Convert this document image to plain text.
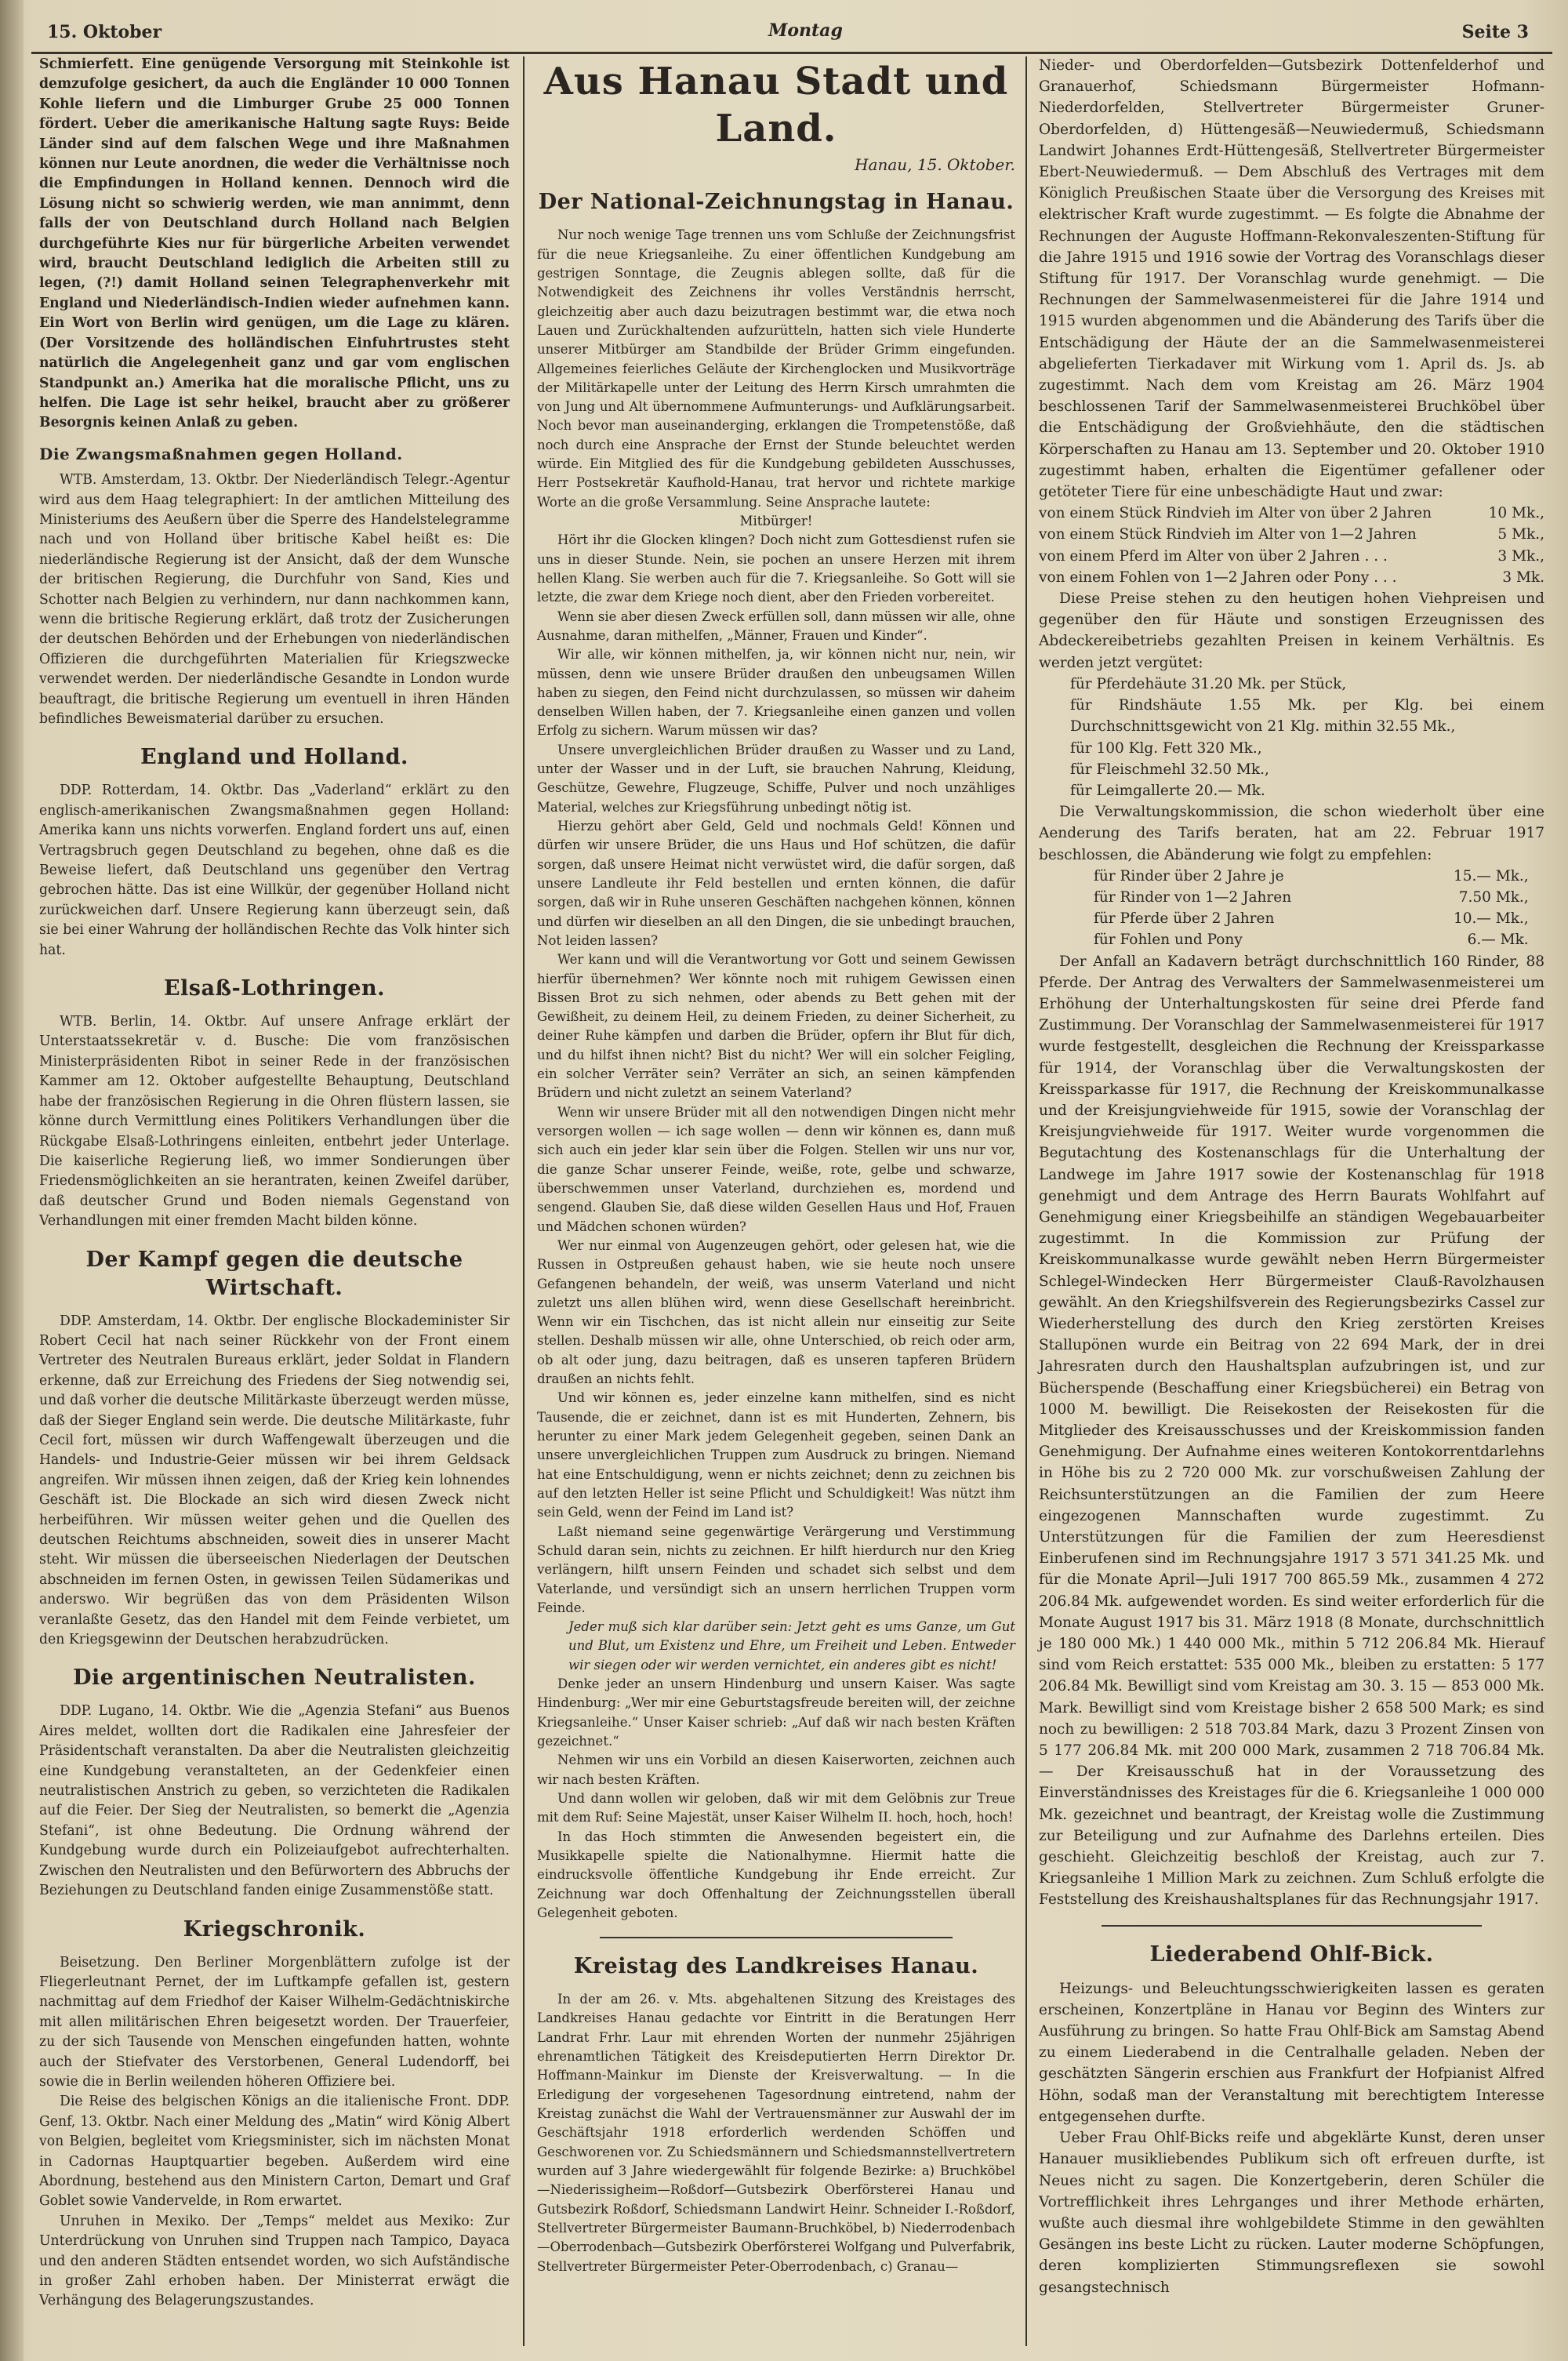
15. Oktober	Montag	Seite 3

Schmierfett. Eine genügende Versorgung mit Steinkohle ist demzufolge gesichert, da auch die Engländer 10 000 Tonnen Kohle liefern und die Limburger Grube 25 000 Tonnen fördert. Ueber die amerikanische Haltung sagte Ruys: Beide Länder sind auf dem falschen Wege und ihre Maßnahmen können nur Leute anordnen, die weder die Verhältnisse noch die Empfindungen in Holland kennen. Dennoch wird die Lösung nicht so schwierig werden, wie man annimmt, denn falls der von Deutschland durch Holland nach Belgien durchgeführte Kies nur für bürgerliche Arbeiten verwendet wird, braucht Deutschland lediglich die Arbeiten still zu legen, (?!) damit Holland seinen Telegraphenverkehr mit England und Niederländisch-Indien wieder aufnehmen kann. Ein Wort von Berlin wird genügen, um die Lage zu klären. (Der Vorsitzende des holländischen Einfuhrtrustes steht natürlich die Angelegenheit ganz und gar vom englischen Standpunkt an.) Amerika hat die moralische Pflicht, uns zu helfen. Die Lage ist sehr heikel, braucht aber zu größerer Besorgnis keinen Anlaß zu geben.

Die Zwangsmaßnahmen gegen Holland.

WTB. Amsterdam, 13. Oktbr. Der Niederländisch Telegr.-Agentur wird aus dem Haag telegraphiert: In der amtlichen Mitteilung des Ministeriums des Aeußern über die Sperre des Handelstelegramme nach und von Holland über britische Kabel heißt es: Die niederländische Regierung ist der Ansicht, daß der dem Wunsche der britischen Regierung, die Durchfuhr von Sand, Kies und Schotter nach Belgien zu verhindern, nur dann nachkommen kann, wenn die britische Regierung erklärt, daß trotz der Zusicherungen der deutschen Behörden und der Erhebungen von niederländischen Offizieren die durchgeführten Materialien für Kriegszwecke verwendet werden. Der niederländische Gesandte in London wurde beauftragt, die britische Regierung um eventuell in ihren Händen befindliches Beweismaterial darüber zu ersuchen.

England und Holland.

DDP. Rotterdam, 14. Oktbr. Das „Vaderland“ erklärt zu den englisch-amerikanischen Zwangsmaßnahmen gegen Holland: Amerika kann uns nichts vorwerfen. England fordert uns auf, einen Vertragsbruch gegen Deutschland zu begehen, ohne daß es die Beweise liefert, daß Deutschland uns gegenüber den Vertrag gebrochen hätte. Das ist eine Willkür, der gegenüber Holland nicht zurückweichen darf. Unsere Regierung kann überzeugt sein, daß sie bei einer Wahrung der holländischen Rechte das Volk hinter sich hat.

Elsaß-Lothringen.

WTB. Berlin, 14. Oktbr. Auf unsere Anfrage erklärt der Unterstaatssekretär v. d. Busche: Die vom französischen Ministerpräsidenten Ribot in seiner Rede in der französischen Kammer am 12. Oktober aufgestellte Behauptung, Deutschland habe der französischen Regierung in die Ohren flüstern lassen, sie könne durch Vermittlung eines Politikers Verhandlungen über die Rückgabe Elsaß-Lothringens einleiten, entbehrt jeder Unterlage. Die kaiserliche Regierung ließ, wo immer Sondierungen über Friedensmöglichkeiten an sie herantraten, keinen Zweifel darüber, daß deutscher Grund und Boden niemals Gegenstand von Verhandlungen mit einer fremden Macht bilden könne.

Der Kampf gegen die deutsche Wirtschaft.

DDP. Amsterdam, 14. Oktbr. Der englische Blockademinister Sir Robert Cecil hat nach seiner Rückkehr von der Front einem Vertreter des Neutralen Bureaus erklärt, jeder Soldat in Flandern erkenne, daß zur Erreichung des Friedens der Sieg notwendig sei, und daß vorher die deutsche Militärkaste überzeugt werden müsse, daß der Sieger England sein werde. Die deutsche Militärkaste, fuhr Cecil fort, müssen wir durch Waffengewalt überzeugen und die Handels- und Industrie-Geier müssen wir bei ihrem Geldsack angreifen. Wir müssen ihnen zeigen, daß der Krieg kein lohnendes Geschäft ist. Die Blockade an sich wird diesen Zweck nicht herbeiführen. Wir müssen weiter gehen und die Quellen des deutschen Reichtums abschneiden, soweit dies in unserer Macht steht. Wir müssen die überseeischen Niederlagen der Deutschen abschneiden im fernen Osten, in gewissen Teilen Südamerikas und anderswo. Wir begrüßen das von dem Präsidenten Wilson veranlaßte Gesetz, das den Handel mit dem Feinde verbietet, um den Kriegsgewinn der Deutschen herabzudrücken.

Die argentinischen Neutralisten.

DDP. Lugano, 14. Oktbr. Wie die „Agenzia Stefani“ aus Buenos Aires meldet, wollten dort die Radikalen eine Jahresfeier der Präsidentschaft veranstalten. Da aber die Neutralisten gleichzeitig eine Kundgebung veranstalteten, an der Gedenkfeier einen neutralistischen Anstrich zu geben, so verzichteten die Radikalen auf die Feier. Der Sieg der Neutralisten, so bemerkt die „Agenzia Stefani“, ist ohne Bedeutung. Die Ordnung während der Kundgebung wurde durch ein Polizeiaufgebot aufrechterhalten. Zwischen den Neutralisten und den Befürwortern des Abbruchs der Beziehungen zu Deutschland fanden einige Zusammenstöße statt.

Kriegschronik.

Beisetzung. Den Berliner Morgenblättern zufolge ist der Fliegerleutnant Pernet, der im Luftkampfe gefallen ist, gestern nachmittag auf dem Friedhof der Kaiser Wilhelm-Gedächtniskirche mit allen militärischen Ehren beigesetzt worden. Der Trauerfeier, zu der sich Tausende von Menschen eingefunden hatten, wohnte auch der Stiefvater des Verstorbenen, General Ludendorff, bei sowie die in Berlin weilenden höheren Offiziere bei.

Die Reise des belgischen Königs an die italienische Front. DDP. Genf, 13. Oktbr. Nach einer Meldung des „Matin“ wird König Albert von Belgien, begleitet vom Kriegsminister, sich im nächsten Monat in Cadornas Hauptquartier begeben. Außerdem wird eine Abordnung, bestehend aus den Ministern Carton, Demart und Graf Goblet sowie Vandervelde, in Rom erwartet.

Unruhen in Mexiko. Der „Temps“ meldet aus Mexiko: Zur Unterdrückung von Unruhen sind Truppen nach Tampico, Dayaca und den anderen Städten entsendet worden, wo sich Aufständische in großer Zahl erhoben haben. Der Ministerrat erwägt die Verhängung des Belagerungszustandes.

Aus Hanau Stadt und Land.
Hanau, 15. Oktober.
Der National-Zeichnungstag in Hanau.

Nur noch wenige Tage trennen uns vom Schluße der Zeichnungsfrist für die neue Kriegsanleihe. Zu einer öffentlichen Kundgebung am gestrigen Sonntage, die Zeugnis ablegen sollte, daß für die Notwendigkeit des Zeichnens ihr volles Verständnis herrscht, gleichzeitig aber auch dazu beizutragen bestimmt war, die etwa noch Lauen und Zurückhaltenden aufzurütteln, hatten sich viele Hunderte unserer Mitbürger am Standbilde der Brüder Grimm eingefunden. Allgemeines feierliches Geläute der Kirchenglocken und Musikvorträge der Militärkapelle unter der Leitung des Herrn Kirsch umrahmten die von Jung und Alt übernommene Aufmunterungs- und Aufklärungsarbeit. Noch bevor man auseinanderging, erklangen die Trompetenstöße, daß noch durch eine Ansprache der Ernst der Stunde beleuchtet werden würde. Ein Mitglied des für die Kundgebung gebildeten Ausschusses, Herr Postsekretär Kaufhold-Hanau, trat hervor und richtete markige Worte an die große Versammlung. Seine Ansprache lautete:

Mitbürger!

Hört ihr die Glocken klingen? Doch nicht zum Gottesdienst rufen sie uns in dieser Stunde. Nein, sie pochen an unsere Herzen mit ihrem hellen Klang. Sie werben auch für die 7. Kriegsanleihe. So Gott will sie letzte, die zwar dem Kriege noch dient, aber den Frieden vorbereitet.

Wenn sie aber diesen Zweck erfüllen soll, dann müssen wir alle, ohne Ausnahme, daran mithelfen, „Männer, Frauen und Kinder“.

Wir alle, wir können mithelfen, ja, wir können nicht nur, nein, wir müssen, denn wie unsere Brüder draußen den unbeugsamen Willen haben zu siegen, den Feind nicht durchzulassen, so müssen wir daheim denselben Willen haben, der 7. Kriegsanleihe einen ganzen und vollen Erfolg zu sichern. Warum müssen wir das?

Unsere unvergleichlichen Brüder draußen zu Wasser und zu Land, unter der Wasser und in der Luft, sie brauchen Nahrung, Kleidung, Geschütze, Gewehre, Flugzeuge, Schiffe, Pulver und noch unzähliges Material, welches zur Kriegsführung unbedingt nötig ist.

Hierzu gehört aber Geld, Geld und nochmals Geld! Können und dürfen wir unsere Brüder, die uns Haus und Hof schützen, die dafür sorgen, daß unsere Heimat nicht verwüstet wird, die dafür sorgen, daß unsere Landleute ihr Feld bestellen und ernten können, die dafür sorgen, daß wir in Ruhe unseren Geschäften nachgehen können, können und dürfen wir dieselben an all den Dingen, die sie unbedingt brauchen, Not leiden lassen?

Wer kann und will die Verantwortung vor Gott und seinem Gewissen hierfür übernehmen? Wer könnte noch mit ruhigem Gewissen einen Bissen Brot zu sich nehmen, oder abends zu Bett gehen mit der Gewißheit, zu deinem Heil, zu deinem Frieden, zu deiner Sicherheit, zu deiner Ruhe kämpfen und darben die Brüder, opfern ihr Blut für dich, und du hilfst ihnen nicht? Bist du nicht? Wer will ein solcher Feigling, ein solcher Verräter sein? Verräter an sich, an seinen kämpfenden Brüdern und nicht zuletzt an seinem Vaterland?

Wenn wir unsere Brüder mit all den notwendigen Dingen nicht mehr versorgen wollen — ich sage wollen — denn wir können es, dann muß sich auch ein jeder klar sein über die Folgen. Stellen wir uns nur vor, die ganze Schar unserer Feinde, weiße, rote, gelbe und schwarze, überschwemmen unser Vaterland, durchziehen es, mordend und sengend. Glauben Sie, daß diese wilden Gesellen Haus und Hof, Frauen und Mädchen schonen würden?

Wer nur einmal von Augenzeugen gehört, oder gelesen hat, wie die Russen in Ostpreußen gehaust haben, wie sie heute noch unsere Gefangenen behandeln, der weiß, was unserm Vaterland und nicht zuletzt uns allen blühen wird, wenn diese Gesellschaft hereinbricht. Wenn wir ein Tischchen, das ist nicht allein nur einseitig zur Seite stellen. Deshalb müssen wir alle, ohne Unterschied, ob reich oder arm, ob alt oder jung, dazu beitragen, daß es unseren tapferen Brüdern draußen an nichts fehlt.

Und wir können es, jeder einzelne kann mithelfen, sind es nicht Tausende, die er zeichnet, dann ist es mit Hunderten, Zehnern, bis herunter zu einer Mark jedem Gelegenheit gegeben, seinen Dank an unsere unvergleichlichen Truppen zum Ausdruck zu bringen. Niemand hat eine Entschuldigung, wenn er nichts zeichnet; denn zu zeichnen bis auf den letzten Heller ist seine Pflicht und Schuldigkeit! Was nützt ihm sein Geld, wenn der Feind im Land ist?

Laßt niemand seine gegenwärtige Verärgerung und Verstimmung Schuld daran sein, nichts zu zeichnen. Er hilft hierdurch nur den Krieg verlängern, hilft unsern Feinden und schadet sich selbst und dem Vaterlande, und versündigt sich an unsern herrlichen Truppen vorm Feinde.

Jeder muß sich klar darüber sein: Jetzt geht es ums Ganze, um Gut und Blut, um Existenz und Ehre, um Freiheit und Leben. Entweder wir siegen oder wir werden vernichtet, ein anderes gibt es nicht!

Denke jeder an unsern Hindenburg und unsern Kaiser. Was sagte Hindenburg: „Wer mir eine Geburtstagsfreude bereiten will, der zeichne Kriegsanleihe.“ Unser Kaiser schrieb: „Auf daß wir nach besten Kräften gezeichnet.“

Nehmen wir uns ein Vorbild an diesen Kaiserworten, zeichnen auch wir nach besten Kräften.

Und dann wollen wir geloben, daß wir mit dem Gelöbnis zur Treue mit dem Ruf: Seine Majestät, unser Kaiser Wilhelm II. hoch, hoch, hoch!

In das Hoch stimmten die Anwesenden begeistert ein, die Musikkapelle spielte die Nationalhymne. Hiermit hatte die eindrucksvolle öffentliche Kundgebung ihr Ende erreicht. Zur Zeichnung war doch Offenhaltung der Zeichnungsstellen überall Gelegenheit geboten.

Kreistag des Landkreises Hanau.

In der am 26. v. Mts. abgehaltenen Sitzung des Kreistages des Landkreises Hanau gedachte vor Eintritt in die Beratungen Herr Landrat Frhr. Laur mit ehrenden Worten der nunmehr 25jährigen ehrenamtlichen Tätigkeit des Kreisdeputierten Herrn Direktor Dr. Hoffmann-Mainkur im Dienste der Kreisverwaltung. — In die Erledigung der vorgesehenen Tagesordnung eintretend, nahm der Kreistag zunächst die Wahl der Vertrauensmänner zur Auswahl der im Geschäftsjahr 1918 erforderlich werdenden Schöffen und Geschworenen vor. Zu Schiedsmännern und Schiedsmannstellvertretern wurden auf 3 Jahre wiedergewählt für folgende Bezirke: a) Bruchköbel—Niederissigheim—Roßdorf—Gutsbezirk Oberförsterei Hanau und Gutsbezirk Roßdorf, Schiedsmann Landwirt Heinr. Schneider I.-Roßdorf, Stellvertreter Bürgermeister Baumann-Bruchköbel, b) Niederrodenbach—Oberrodenbach—Gutsbezirk Oberförsterei Wolfgang und Pulverfabrik, Stellvertreter Bürgermeister Peter-Oberrodenbach, c) Granau—

Nieder- und Oberdorfelden—Gutsbezirk Dottenfelderhof und Granauerhof, Schiedsmann Bürgermeister Hofmann-Niederdorfelden, Stellvertreter Bürgermeister Gruner-Oberdorfelden, d) Hüttengesäß—Neuwiedermuß, Schiedsmann Landwirt Johannes Erdt-Hüttengesäß, Stellvertreter Bürgermeister Ebert-Neuwiedermuß. — Dem Abschluß des Vertrages mit dem Königlich Preußischen Staate über die Versorgung des Kreises mit elektrischer Kraft wurde zugestimmt. — Es folgte die Abnahme der Rechnungen der Auguste Hoffmann-Rekonvaleszenten-Stiftung für die Jahre 1915 und 1916 sowie der Vortrag des Voranschlags dieser Stiftung für 1917. Der Voranschlag wurde genehmigt. — Die Rechnungen der Sammelwasenmeisterei für die Jahre 1914 und 1915 wurden abgenommen und die Abänderung des Tarifs über die Entschädigung der Häute der an die Sammelwasenmeisterei abgelieferten Tierkadaver mit Wirkung vom 1. April ds. Js. ab zugestimmt. Nach dem vom Kreistag am 26. März 1904 beschlossenen Tarif der Sammelwasenmeisterei Bruchköbel über die Entschädigung der Großviehhäute, den die städtischen Körperschaften zu Hanau am 13. September und 20. Oktober 1910 zugestimmt haben, erhalten die Eigentümer gefallener oder getöteter Tiere für eine unbeschädigte Haut und zwar:

von einem Stück Rindvieh im Alter von über 2 Jahren	10 Mk.,
von einem Stück Rindvieh im Alter von 1—2 Jahren	5 Mk.,
von einem Pferd im Alter von über 2 Jahren . . .	3 Mk.,
von einem Fohlen von 1—2 Jahren oder Pony . . .	3 Mk.

Diese Preise stehen zu den heutigen hohen Viehpreisen und gegenüber den für Häute und sonstigen Erzeugnissen des Abdeckereibetriebs gezahlten Preisen in keinem Verhältnis. Es werden jetzt vergütet:

für Pferdehäute 31.20 Mk. per Stück,

für Rindshäute 1.55 Mk. per Klg. bei einem Durchschnittsgewicht von 21 Klg. mithin 32.55 Mk.,

für 100 Klg. Fett 320 Mk.,

für Fleischmehl 32.50 Mk.,

für Leimgallerte 20.— Mk.

Die Verwaltungskommission, die schon wiederholt über eine Aenderung des Tarifs beraten, hat am 22. Februar 1917 beschlossen, die Abänderung wie folgt zu empfehlen:

für Rinder über 2 Jahre je	15.— Mk.,
für Rinder von 1—2 Jahren	7.50 Mk.,
für Pferde über 2 Jahren	10.— Mk.,
für Fohlen und Pony	6.— Mk.

Der Anfall an Kadavern beträgt durchschnittlich 160 Rinder, 88 Pferde. Der Antrag des Verwalters der Sammelwasenmeisterei um Erhöhung der Unterhaltungskosten für seine drei Pferde fand Zustimmung. Der Voranschlag der Sammelwasenmeisterei für 1917 wurde festgestellt, desgleichen die Rechnung der Kreissparkasse für 1914, der Voranschlag über die Verwaltungskosten der Kreissparkasse für 1917, die Rechnung der Kreiskommunalkasse und der Kreisjungviehweide für 1915, sowie der Voranschlag der Kreisjungviehweide für 1917. Weiter wurde vorgenommen die Begutachtung des Kostenanschlags für die Unterhaltung der Landwege im Jahre 1917 sowie der Kostenanschlag für 1918 genehmigt und dem Antrage des Herrn Baurats Wohlfahrt auf Genehmigung einer Kriegsbeihilfe an ständigen Wegebauarbeiter zugestimmt. In die Kommission zur Prüfung der Kreiskommunalkasse wurde gewählt neben Herrn Bürgermeister Schlegel-Windecken Herr Bürgermeister Clauß-Ravolzhausen gewählt. An den Kriegshilfsverein des Regierungsbezirks Cassel zur Wiederherstellung des durch den Krieg zerstörten Kreises Stallupönen wurde ein Beitrag von 22 694 Mark, der in drei Jahresraten durch den Haushaltsplan aufzubringen ist, und zur Bücherspende (Beschaffung einer Kriegsbücherei) ein Betrag von 1000 M. bewilligt. Die Reisekosten der Reisekosten für die Mitglieder des Kreisausschusses und der Kreiskommission fanden Genehmigung. Der Aufnahme eines weiteren Kontokorrentdarlehns in Höhe bis zu 2 720 000 Mk. zur vorschußweisen Zahlung der Reichsunterstützungen an die Familien der zum Heere eingezogenen Mannschaften wurde zugestimmt. Zu Unterstützungen für die Familien der zum Heeresdienst Einberufenen sind im Rechnungsjahre 1917 3 571 341.25 Mk. und für die Monate April—Juli 1917 700 865.59 Mk., zusammen 4 272 206.84 Mk. aufgewendet worden. Es sind weiter erforderlich für die Monate August 1917 bis 31. März 1918 (8 Monate, durchschnittlich je 180 000 Mk.) 1 440 000 Mk., mithin 5 712 206.84 Mk. Hierauf sind vom Reich erstattet: 535 000 Mk., bleiben zu erstatten: 5 177 206.84 Mk. Bewilligt sind vom Kreistag am 30. 3. 15 — 853 000 Mk. Mark. Bewilligt sind vom Kreistage bisher 2 658 500 Mark; es sind noch zu bewilligen: 2 518 703.84 Mark, dazu 3 Prozent Zinsen von 5 177 206.84 Mk. mit 200 000 Mark, zusammen 2 718 706.84 Mk. — Der Kreisausschuß hat in der Voraussetzung des Einverständnisses des Kreistages für die 6. Kriegsanleihe 1 000 000 Mk. gezeichnet und beantragt, der Kreistag wolle die Zustimmung zur Beteiligung und zur Aufnahme des Darlehns erteilen. Dies geschieht. Gleichzeitig beschloß der Kreistag, auch zur 7. Kriegsanleihe 1 Million Mark zu zeichnen. Zum Schluß erfolgte die Feststellung des Kreishaushaltsplanes für das Rechnungsjahr 1917.

Liederabend Ohlf-Bick.

Heizungs- und Beleuchtungsschwierigkeiten lassen es geraten erscheinen, Konzertpläne in Hanau vor Beginn des Winters zur Ausführung zu bringen. So hatte Frau Ohlf-Bick am Samstag Abend zu einem Liederabend in die Centralhalle geladen. Neben der geschätzten Sängerin erschien aus Frankfurt der Hofpianist Alfred Höhn, sodaß man der Veranstaltung mit berechtigtem Interesse entgegensehen durfte.

Ueber Frau Ohlf-Bicks reife und abgeklärte Kunst, deren unser Hanauer musikliebendes Publikum sich oft erfreuen durfte, ist Neues nicht zu sagen. Die Konzertgeberin, deren Schüler die Vortrefflichkeit ihres Lehrganges und ihrer Methode erhärten, wußte auch diesmal ihre wohlgebildete Stimme in den gewählten Gesängen ins beste Licht zu rücken. Lauter moderne Schöpfungen, deren komplizierten Stimmungsreflexen sie sowohl gesangstechnisch
